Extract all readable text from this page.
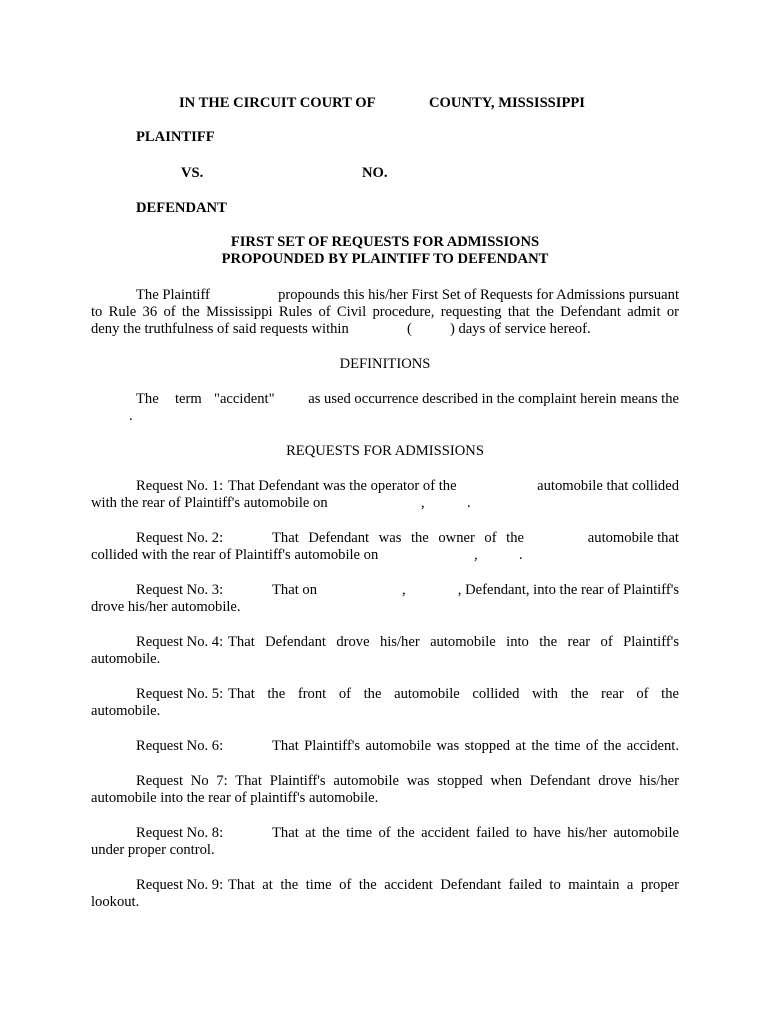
IN THE CIRCUIT COURT OF	COUNTY, MISSISSIPPI
PLAINTIFF
VS.	NO.
DEFENDANT
FIRST SET OF REQUESTS FOR ADMISSIONS
PROPOUNDED BY PLAINTIFF TO DEFENDANT
The Plaintiff	propounds this his/her First Set of Requests for Admissions pursuant
to Rule 36 of the Mississippi Rules of Civil procedure, requesting that the Defendant admit or
deny the truthfulness of said requests within	(	) days of service hereof.
DEFINITIONS
The term "accident" as used occurrence described in the complaint herein means the
.
REQUESTS FOR ADMISSIONS
Request No. 1: That Defendant was the operator of the	automobile that collided
with the rear of Plaintiff's automobile on	,	.
Request No. 2:	That Defendant was the owner of the	automobile that
collided with the rear of Plaintiff's automobile on	,	.
Request No. 3:	That on	,	, Defendant, into the rear of Plaintiff's
drove his/her automobile.
Request No. 4: That Defendant drove his/her automobile into the rear of Plaintiff's
automobile.
Request No. 5: That the front of the automobile collided with the rear of the
automobile.
Request No. 6:	That Plaintiff's automobile was stopped at the time of the accident.
Request No 7: That Plaintiff's automobile was stopped when Defendant drove his/her
automobile into the rear of plaintiff's automobile.
Request No. 8:	That at the time of the accident failed to have his/her automobile
under proper control.
Request No. 9: That at the time of the accident Defendant failed to maintain a proper
lookout.
